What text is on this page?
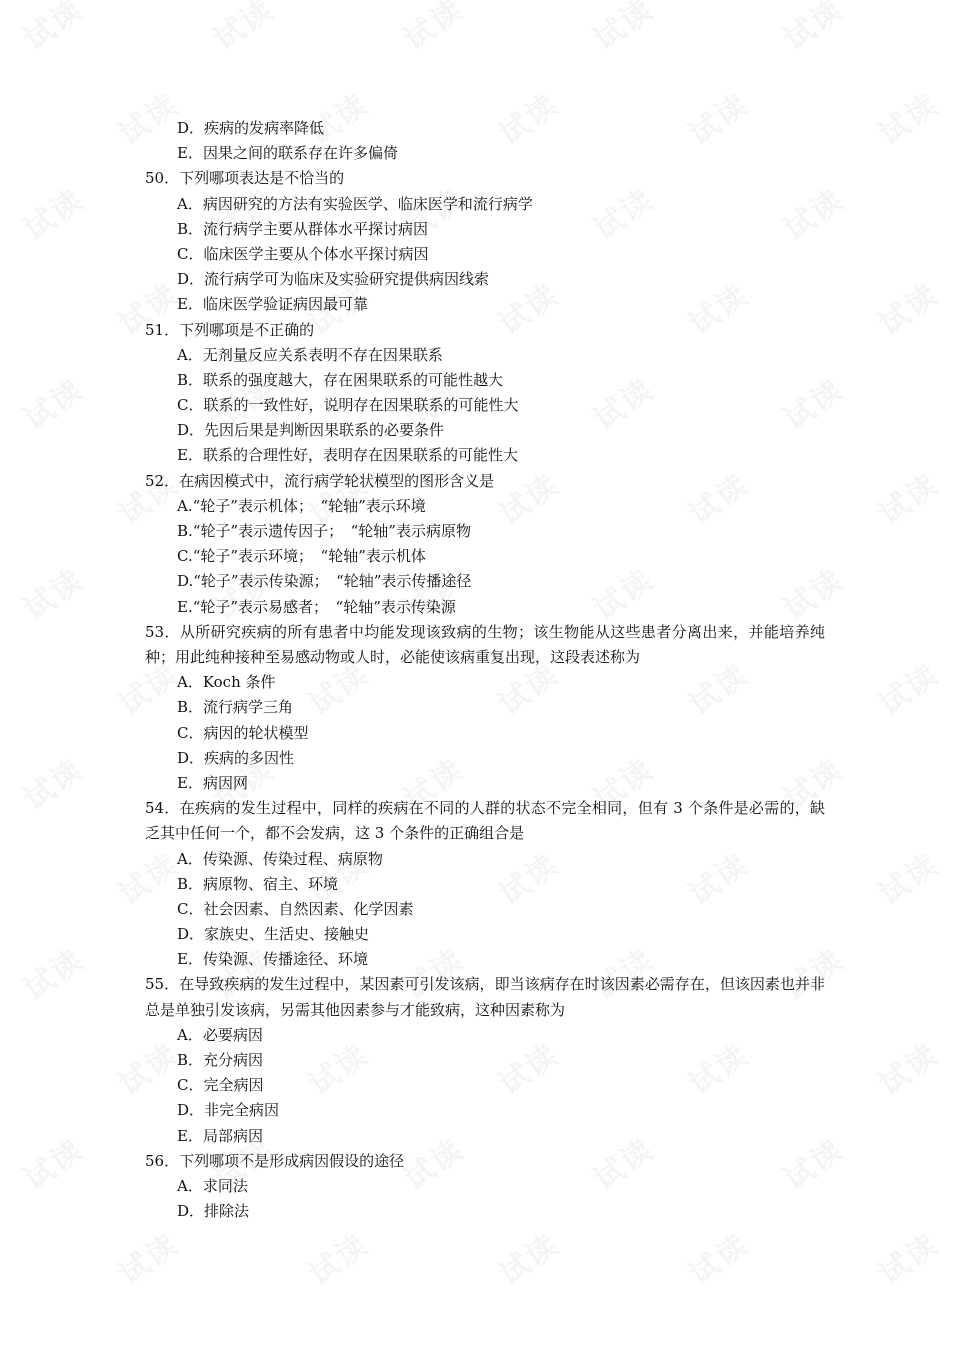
D．疾病的发病率降低
E．因果之间的联系存在许多偏倚
50．下列哪项表达是不恰当的
A．病因研究的方法有实验医学、临床医学和流行病学
B．流行病学主要从群体水平探讨病因
C．临床医学主要从个体水平探讨病因
D．流行病学可为临床及实验研究提供病因线索
E．临床医学验证病因最可靠
51．下列哪项是不正确的
A．无剂量反应关系表明不存在因果联系
B．联系的强度越大，存在困果联系的可能性越大
C．联系的一致性好，说明存在因果联系的可能性大
D．先因后果是判断因果联系的必要条件
E．联系的合理性好，表明存在因果联系的可能性大
52．在病因模式中，流行病学轮状模型的图形含义是
A.“轮子”表示机体；　“轮轴”表示环境
B.“轮子”表示遗传因子；　“轮轴”表示病原物
C.“轮子”表示环境；　“轮轴”表示机体
D.“轮子”表示传染源；　“轮轴”表示传播途径
E.“轮子”表示易感者；　“轮轴”表示传染源
53．从所研究疾病的所有患者中均能发现该致病的生物；该生物能从这些患者分离出来，并能培养纯种；用此纯种接种至易感动物或人时，必能使该病重复出现，这段表述称为
A．Koch 条件
B．流行病学三角
C．病因的轮状模型
D．疾病的多因性
E．病因网
54．在疾病的发生过程中，同样的疾病在不同的人群的状态不完全相同，但有 3 个条件是必需的，缺乏其中任何一个，都不会发病，这 3 个条件的正确组合是
A．传染源、传染过程、病原物
B．病原物、宿主、环境
C．社会因素、自然因素、化学因素
D．家族史、生活史、接触史
E．传染源、传播途径、环境
55．在导致疾病的发生过程中，某因素可引发该病，即当该病存在时该因素必需存在，但该因素也并非总是单独引发该病，另需其他因素参与才能致病，这种因素称为
A．必要病因
B．充分病因
C．完全病因
D．非完全病因
E．局部病因
56．下列哪项不是形成病因假设的途径
A．求同法
D．排除法
